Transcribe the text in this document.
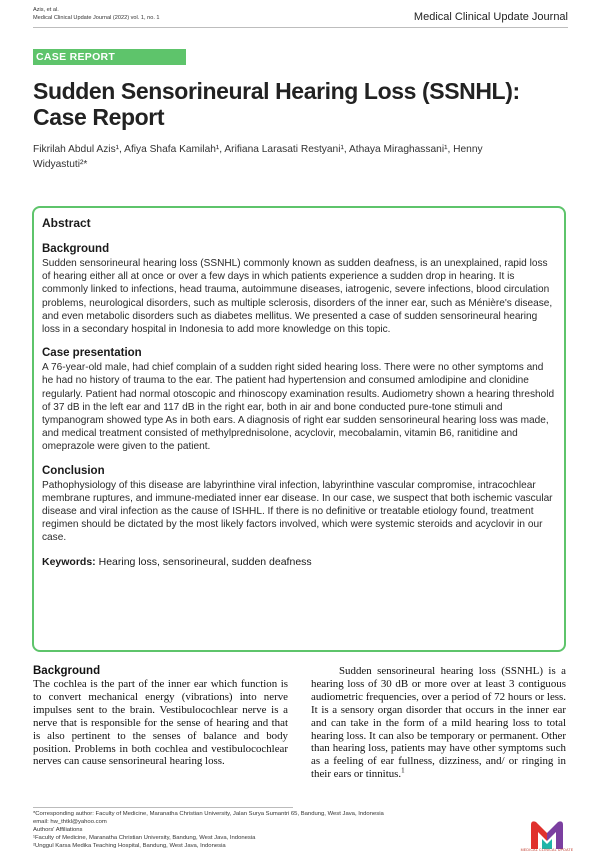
Azis, et al.
Medical Clinical Update Journal (2022) vol. 1, no. 1	Medical Clinical Update Journal
CASE REPORT
Sudden Sensorineural Hearing Loss (SSNHL): Case Report
Fikrilah Abdul Azis¹, Afiya Shafa Kamilah¹, Arifiana Larasati Restyani¹, Athaya Miraghassani¹, Henny Widyastuti²*
Abstract
Background

Sudden sensorineural hearing loss (SSNHL) commonly known as sudden deafness, is an unexplained, rapid loss of hearing either all at once or over a few days in which patients experience a sudden drop in hearing. It is commonly linked to infections, head trauma, autoimmune diseases, iatrogenic, severe infections, blood circulation problems, neurological disorders, such as multiple sclerosis, disorders of the inner ear, such as Ménière's disease, and even metabolic disorders such as diabetes mellitus. We presented a case of sudden sensorineural hearing loss in a secondary hospital in Indonesia to add more knowledge on this topic.

Case presentation

A 76-year-old male, had chief complain of a sudden right sided hearing loss. There were no other symptoms and he had no history of trauma to the ear. The patient had hypertension and consumed amlodipine and clonidine regularly. Patient had normal otoscopic and rhinoscopy examination results. Audiometry shown a hearing threshold of 37 dB in the left ear and 117 dB in the right ear, both in air and bone conducted pure-tone stimuli and tympanogram showed type As in both ears. A diagnosis of right ear sudden sensorineural hearing loss was made, and medical treatment consisted of methylprednisolone, acyclovir, mecobalamin, vitamin B6, ranitidine and omeprazole were given to the patient.

Conclusion

Pathophysiology of this disease are labyrinthine viral infection, labyrinthine vascular compromise, intracochlear membrane ruptures, and immune-mediated inner ear disease. In our case, we suspect that both ischemic vascular disease and viral infection as the cause of ISHHL. If there is no definitive or treatable etiology found, treatment regimen should be dictated by the most likely factors involved, which were systemic steroids and acyclovir in our case.

Keywords: Hearing loss, sensorineural, sudden deafness
Background

The cochlea is the part of the inner ear which function is to convert mechanical energy (vibrations) into nerve impulses sent to the brain. Vestibulocochlear nerve is a nerve that is responsible for the sense of hearing and that is also pertinent to the senses of balance and body position. Problems in both cochlea and vestibulocochlear nerves can cause sensorineural hearing loss.

Sudden sensorineural hearing loss (SSNHL) is a hearing loss of 30 dB or more over at least 3 contiguous audiometric frequencies, over a period of 72 hours or less. It is a sensory organ disorder that occurs in the inner ear and can take in the form of a mild hearing loss to total hearing loss. It can also be temporary or permanent. Other than hearing loss, patients may have other symptoms such as a feeling of ear fullness, dizziness, and/ or ringing in their ears or tinnitus.$^1$

*Corresponding author: Faculty of Medicine, Maranatha Christian University, Jalan Surya Sumantri 65, Bandung, West Java, Indonesia
email: hw_thtkl@yahoo.com
Authors' Affiliations
¹Faculty of Medicine, Maranatha Christian University, Bandung, West Java, Indonesia
²Unggul Karsa Medika Teaching Hospital, Bandung, West Java, Indonesia
MEDICAL CLINICAL UPDATE
